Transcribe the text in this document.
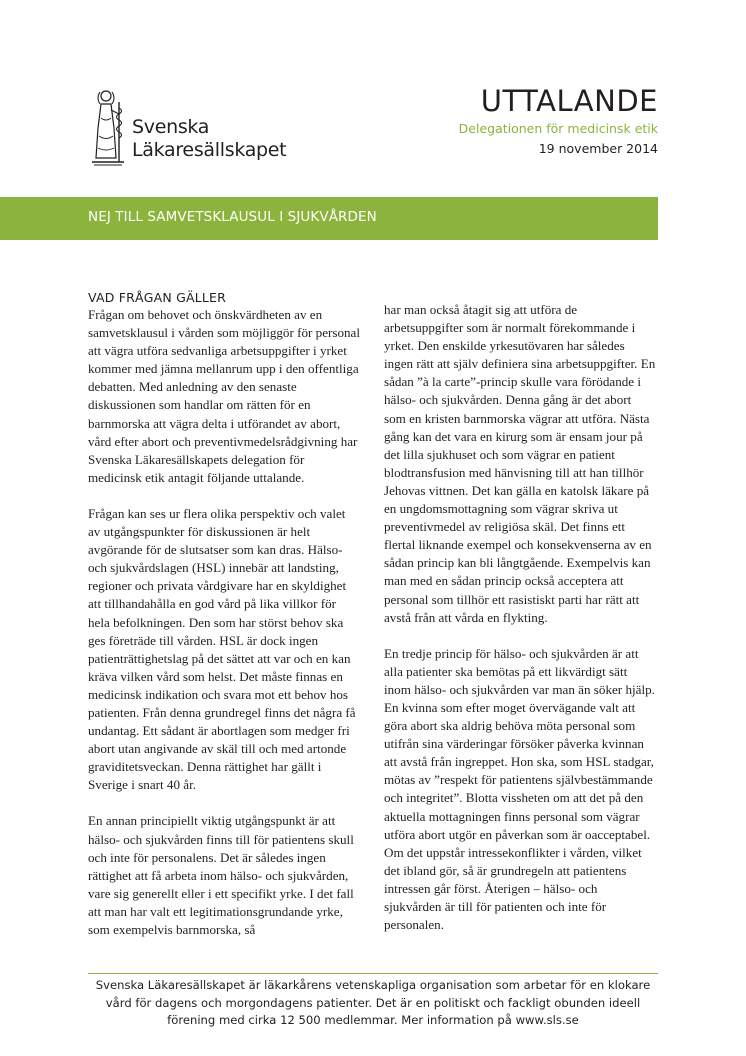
Svenska
Läkaresällskapet
UTTALANDE
Delegationen för medicinsk etik
19 november 2014
NEJ TILL SAMVETSKLAUSUL I SJUKVÅRDEN
VAD FRÅGAN GÄLLER

Frågan om behovet och önskvärdheten av en samvetsklausul i vården som möjliggör för personal att vägra utföra sedvanliga arbetsuppgifter i yrket kommer med jämna mellanrum upp i den offentliga debatten. Med anledning av den senaste diskussionen som handlar om rätten för en barnmorska att vägra delta i utförandet av abort, vård efter abort och preventivmedelsrådgivning har Svenska Läkaresällskapets delegation för medicinsk etik antagit följande uttalande.

Frågan kan ses ur flera olika perspektiv och valet av utgångspunkter för diskussionen är helt avgörande för de slutsatser som kan dras. Hälso- och sjukvårdslagen (HSL) innebär att landsting, regioner och privata vårdgivare har en skyldighet att tillhandahålla en god vård på lika villkor för hela befolkningen. Den som har störst behov ska ges företräde till vården. HSL är dock ingen patienträttighetslag på det sättet att var och en kan kräva vilken vård som helst. Det måste finnas en medicinsk indikation och svara mot ett behov hos patienten. Från denna grundregel finns det några få undantag. Ett sådant är abortlagen som medger fri abort utan angivande av skäl till och med artonde graviditetsveckan. Denna rättighet har gällt i Sverige i snart 40 år.

En annan principiellt viktig utgångspunkt är att hälso- och sjukvården finns till för patientens skull och inte för personalens. Det är således ingen rättighet att få arbeta inom hälso- och sjukvården, vare sig generellt eller i ett specifikt yrke. I det fall att man har valt ett legitimationsgrundande yrke, som exempelvis barnmorska, så

har man också åtagit sig att utföra de arbetsuppgifter som är normalt förekommande i yrket. Den enskilde yrkesutövaren har således ingen rätt att själv definiera sina arbetsuppgifter. En sådan ”à la carte”-princip skulle vara förödande i hälso- och sjukvården. Denna gång är det abort som en kristen barnmorska vägrar att utföra. Nästa gång kan det vara en kirurg som är ensam jour på det lilla sjukhuset och som vägrar en patient blodtransfusion med hänvisning till att han tillhör Jehovas vittnen. Det kan gälla en katolsk läkare på en ungdomsmottagning som vägrar skriva ut preventivmedel av religiösa skäl. Det finns ett flertal liknande exempel och konsekvenserna av en sådan princip kan bli långtgående. Exempelvis kan man med en sådan princip också acceptera att personal som tillhör ett rasistiskt parti har rätt att avstå från att vårda en flykting.

En tredje princip för hälso- och sjukvården är att alla patienter ska bemötas på ett likvärdigt sätt inom hälso- och sjukvården var man än söker hjälp. En kvinna som efter moget övervägande valt att göra abort ska aldrig behöva möta personal som utifrån sina värderingar försöker påverka kvinnan att avstå från ingreppet. Hon ska, som HSL stadgar, mötas av ”respekt för patientens självbestämmande och integritet”. Blotta vissheten om att det på den aktuella mottagningen finns personal som vägrar utföra abort utgör en påverkan som är oacceptabel.

Om det uppstår intressekonflikter i vården, vilket det ibland gör, så är grundregeln att patientens intressen går först. Återigen – hälso- och sjukvården är till för patienten och inte för personalen.

Svenska Läkaresällskapet är läkarkårens vetenskapliga organisation som arbetar för en klokare vård för dagens och morgondagens patienter. Det är en politiskt och fackligt obunden ideell förening med cirka 12 500 medlemmar. Mer information på www.sls.se
